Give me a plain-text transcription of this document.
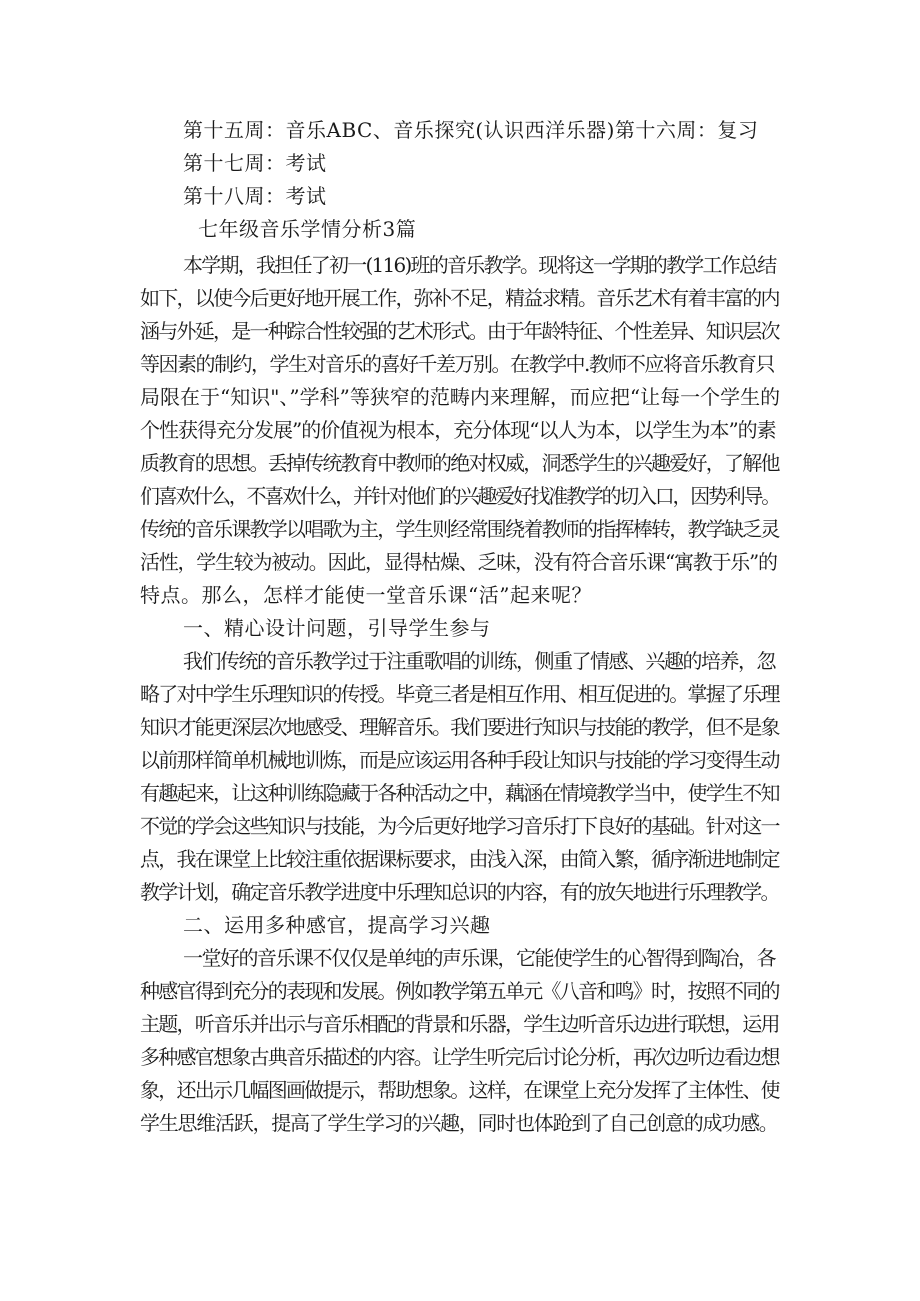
第十五周：音乐ABC、音乐探究(认识西洋乐器)第十六周：复习

第十七周：考试

第十八周：考试

七年级音乐学情分析3篇

本学期，我担任了初一(116)班的音乐教学。现将这一学期的教学工作总结

如下，以使今后更好地开展工作，弥补不足，精益求精。音乐艺术有着丰富的内

涵与外延，是一种踪合性较强的艺术形式。由于年龄特征、个性差异、知识层次

等因素的制约，学生对音乐的喜好千差万别。在教学中.教师不应将音乐教育只

局限在于“知识"、”学科”等狭窄的范畴内来理解，而应把“让每一个学生的

个性获得充分发展”的价值视为根本，充分体现“以人为本，以学生为本”的素

质教育的思想。丢掉传统教育中教师的绝对权威，洞悉学生的兴趣爱好，了解他

们喜欢什么，不喜欢什么，并针对他们的兴趣爱好找准教学的切入口，因势利导。

传统的音乐课教学以唱歌为主，学生则经常围绕着教师的指挥棒转，教学缺乏灵

活性，学生较为被动。因此，显得枯燥、乏味，没有符合音乐课“寓教于乐”的

特点。那么，怎样才能使一堂音乐课“活”起来呢？

一、精心设计问题，引导学生参与

我们传统的音乐教学过于注重歌唱的训练，侧重了情感、兴趣的培养，忽

略了对中学生乐理知识的传授。毕竟三者是相互作用、相互促进的。掌握了乐理

知识才能更深层次地感受、理解音乐。我们要进行知识与技能的教学，但不是象

以前那样简单机械地训炼，而是应该运用各种手段让知识与技能的学习变得生动

有趣起来，让这种训练隐藏于各种活动之中，藕涵在情境教学当中，使学生不知

不觉的学会这些知识与技能，为今后更好地学习音乐打下良好的基础。针对这一

点，我在课堂上比较注重依据课标要求，由浅入深，由简入繁，循序渐进地制定

教学计划，确定音乐教学进度中乐理知总识的内容，有的放矢地进行乐理教学。

二、运用多种感官，提高学习兴趣

一堂好的音乐课不仅仅是单纯的声乐课，它能使学生的心智得到陶冶，各

种感官得到充分的表现和发展。例如教学第五单元《八音和鸣》时，按照不同的

主题，听音乐并出示与音乐相配的背景和乐器，学生边听音乐边进行联想，运用

多种感官想象古典音乐描述的内容。让学生听完后讨论分析，再次边听边看边想

象，还出示几幅图画做提示，帮助想象。这样，在课堂上充分发挥了主体性、使

学生思维活跃，提高了学生学习的兴趣，同时也体跄到了自己创意的成功感。
